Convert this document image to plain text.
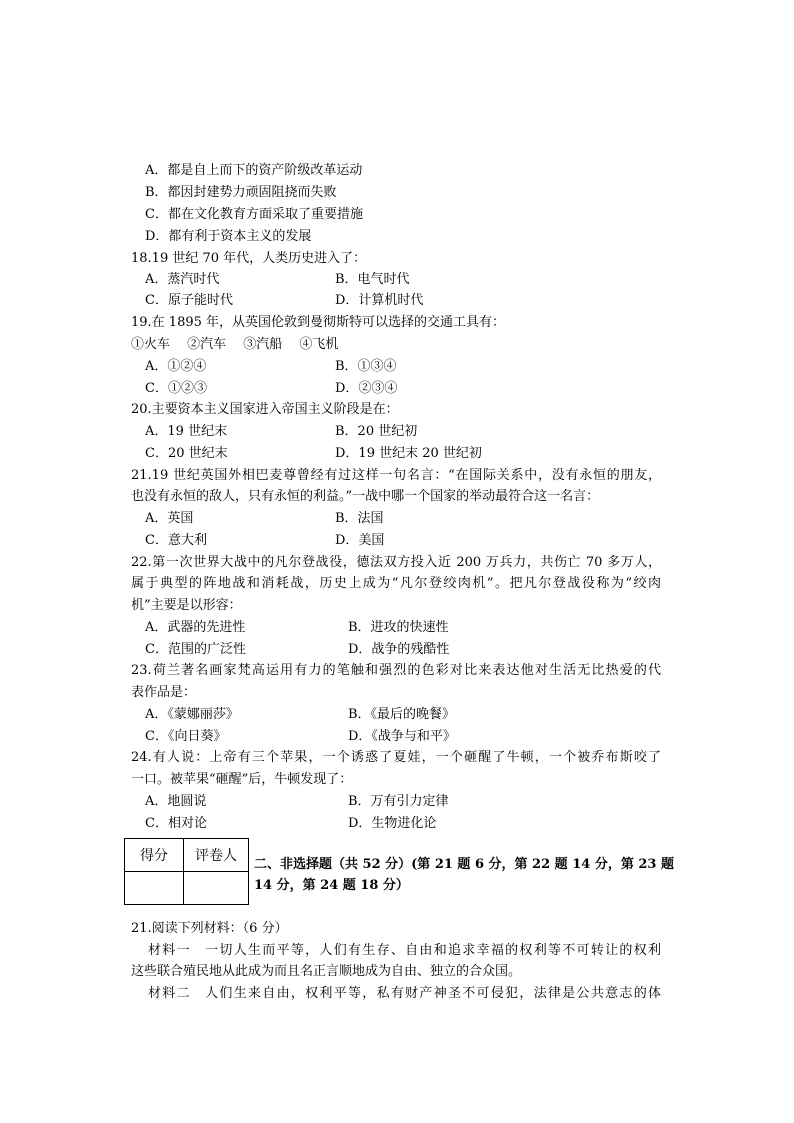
A．都是自上而下的资产阶级改革运动
B．都因封建势力顽固阻挠而失败
C．都在文化教育方面采取了重要措施
D．都有利于资本主义的发展
18.19 世纪 70 年代，人类历史进入了：
A．蒸汽时代	B．电气时代
C．原子能时代	D．计算机时代
19.在 1895 年，从英国伦敦到曼彻斯特可以选择的交通工具有：
①火车　 ②汽车　 ③汽船　 ④飞机
A．①②④	B．①③④
C．①②③	D．②③④
20.主要资本主义国家进入帝国主义阶段是在：
A．19 世纪末	B．20 世纪初
C．20 世纪末	D．19 世纪末 20 世纪初
21.19 世纪英国外相巴麦尊曾经有过这样一句名言：“在国际关系中，没有永恒的朋友，
也没有永恒的敌人，只有永恒的利益。”一战中哪一个国家的举动最符合这一名言：
A．英国	B．法国
C．意大利	D．美国
22.第一次世界大战中的凡尔登战役，德法双方投入近 200 万兵力，共伤亡 70 多万人，
属于典型的阵地战和消耗战，历史上成为“凡尔登绞肉机”。把凡尔登战役称为“绞肉
机”主要是以形容：
A．武器的先进性	B．进攻的快速性
C．范围的广泛性	D．战争的残酷性
23.荷兰著名画家梵高运用有力的笔触和强烈的色彩对比来表达他对生活无比热爱的代
表作品是：
A．《蒙娜丽莎》	B．《最后的晚餐》
C．《向日葵》	D．《战争与和平》
24.有人说：上帝有三个苹果，一个诱惑了夏娃，一个砸醒了牛顿，一个被乔布斯咬了
一口。被苹果“砸醒”后，牛顿发现了：
A．地圆说	B．万有引力定律
C．相对论	D．生物进化论
得分	评卷人

二、非选择题（共 52 分）(第 21 题 6 分，第 22 题 14 分，第 23 题
14 分，第 24 题 18 分）
21.阅读下列材料：（6 分）
材料一　一切人生而平等，人们有生存、自由和追求幸福的权利等不可转让的权利
这些联合殖民地从此成为而且名正言顺地成为自由、独立的合众国。
材料二　人们生来自由，权利平等，私有财产神圣不可侵犯，法律是公共意志的体
